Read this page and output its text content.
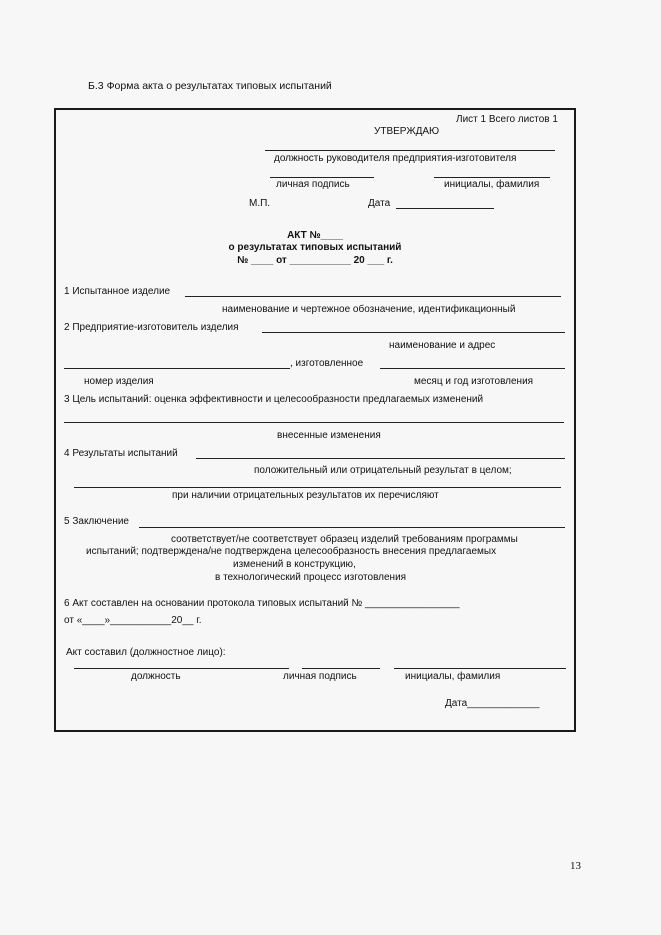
Б.3 Форма акта о результатах типовых испытаний
Лист 1 Всего листов 1
УТВЕРЖДАЮ
должность руководителя предприятия-изготовителя
личная подпись	инициалы, фамилия
М.П.	Дата
АКТ №____
о результатах типовых испытаний
№ ____ от ___________ 20 ___ г.
1 Испытанное изделие
наименование и чертежное обозначение, идентификационный
2 Предприятие-изготовитель изделия
наименование и адрес
, изготовленное
номер изделия	месяц и год изготовления
3 Цель испытаний: оценка эффективности и целесообразности предлагаемых изменений
внесенные изменения
4 Результаты испытаний
положительный или отрицательный результат в целом;
при наличии отрицательных результатов их перечисляют
5 Заключение
соответствует/не соответствует образец изделий требованиям программы
испытаний; подтверждена/не подтверждена целесообразность внесения предлагаемых
изменений в конструкцию,
в технологический процесс изготовления
6 Акт составлен на основании протокола типовых испытаний № _________________
от «____»___________20__ г.
Акт составил (должностное лицо):
должность	личная подпись	инициалы, фамилия
Дата_____________
13
